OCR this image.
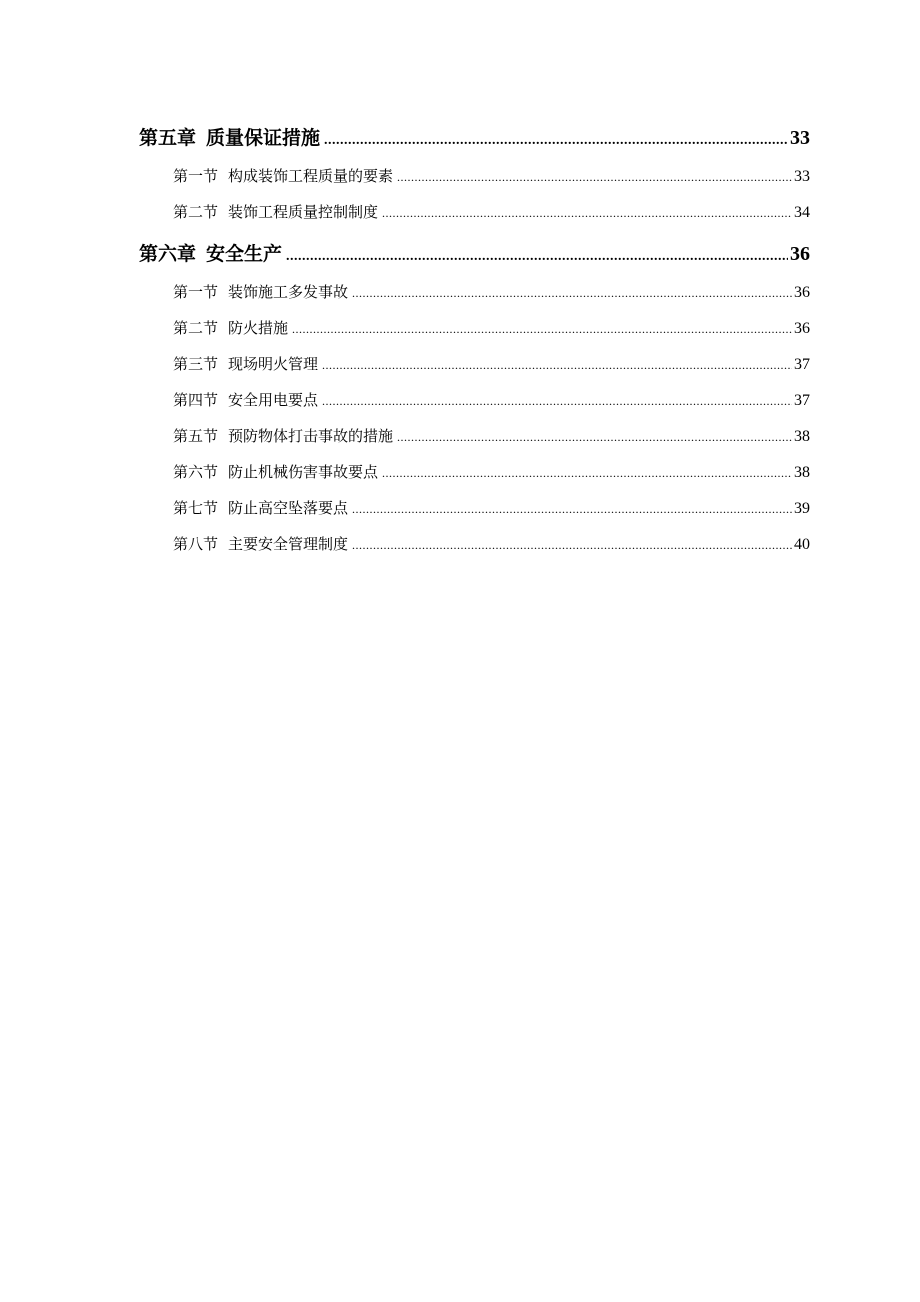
第五章 质量保证措施 .....	33
第一节 构成装饰工程质量的要素 .....	33
第二节 装饰工程质量控制制度 .....	34
第六章 安全生产 .....	36
第一节 装饰施工多发事故 .....	36
第二节 防火措施 .....	36
第三节 现场明火管理 .....	37
第四节 安全用电要点 .....	37
第五节 预防物体打击事故的措施 .....	38
第六节 防止机械伤害事故要点 .....	38
第七节 防止高空坠落要点 .....	39
第八节 主要安全管理制度 .....	40
